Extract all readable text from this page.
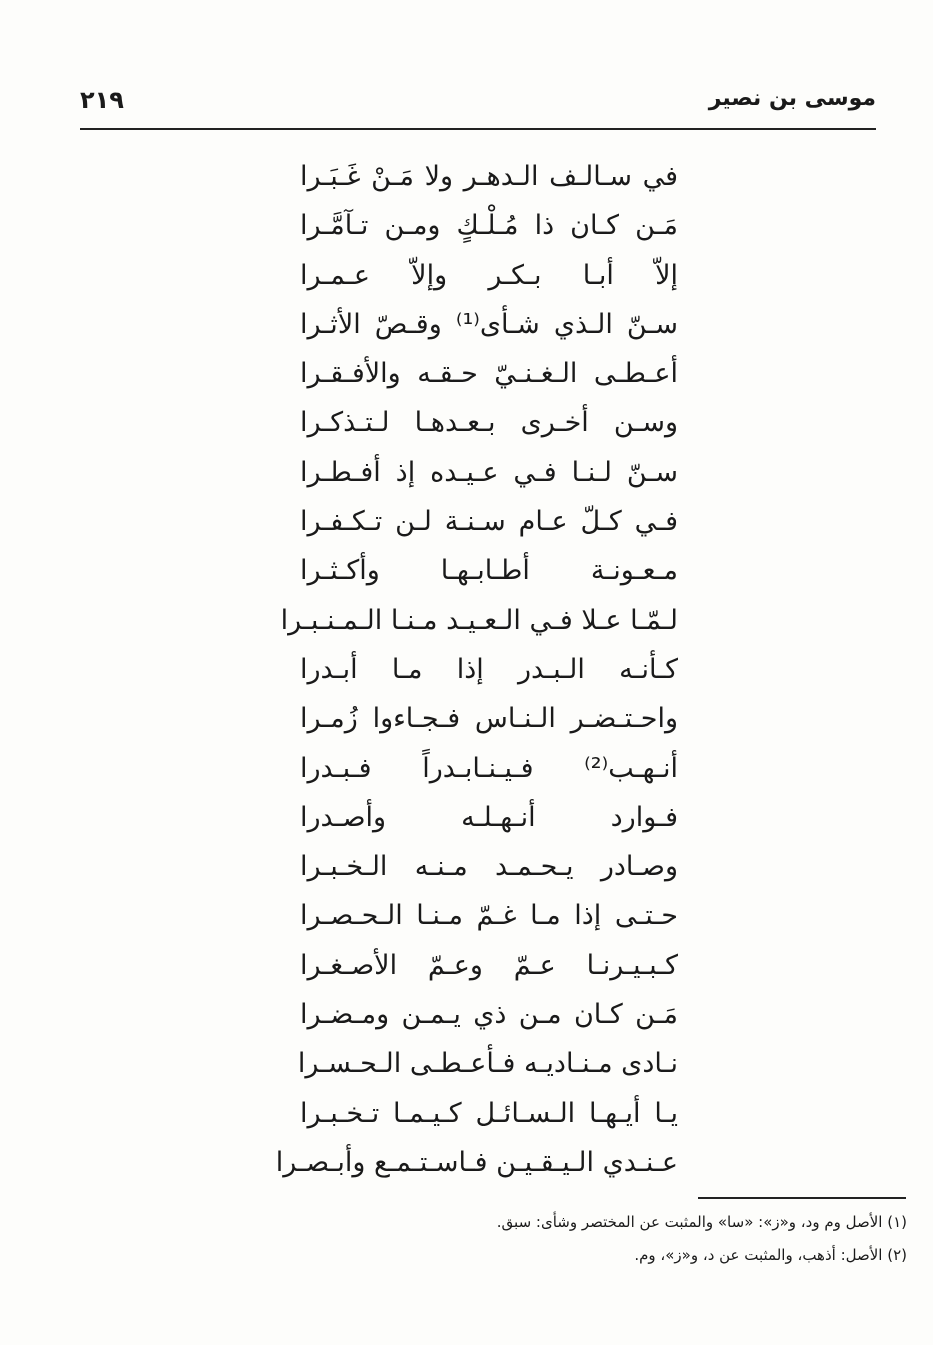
٢١٩	موسى بن نصير
في سـالـف الـدهـر ولا مَـنْ غَـبَـرا
مَـن كـان ذا مُـلْـكٍ ومـن تـآمَّـرا
إلاّ أبـا بـكـر وإلاّ عـمـرا
سـنّ الـذي شـأى⁽¹⁾ وقـصّ الأثـرا
أعـطـى الـغـنـيّ حـقـه والأفـقـرا
وسـن أخـرى بـعـدهـا لـتـذكـرا
سـنّ لـنـا فـي عـيـده إذ أفـطـرا
فـي كـلّ عـام سـنـة لـن تـكـفـرا
مـعـونـة أطـابـهـا وأكـثـرا
لـمّـا عـلا فـي الـعـيـد مـنـا الـمـنـبـرا
كـأنـه الـبـدر إذا مـا أبـدرا
واحـتـضـر الـنـاس فـجـاءوا زُمـرا
أنـهـب⁽²⁾ فـيـنـابـدراً فـبـدرا
فـوارد أنـهـلـه وأصـدرا
وصـادر يـحـمـد مـنـه الـخـبـرا
حـتـى إذا مـا غـمّ مـنـا الـحـصـرا
كـبـيـرنـا عـمّ وعـمّ الأصـغـرا
مَـن كـان مـن ذي يـمـن ومـضـرا
نـادى مـنـاديـه فـأعـطـى الـحـسـرا
يـا أيـهـا الـسـائـل كـيـمـا تـخـبـرا
عـنـدي الـيـقـيـن فـاسـتـمـع وأبـصـرا
(١) الأصل وم ود، و«ز»: «سا» والمثبت عن المختصر وشأى: سبق.
(٢) الأصل: أذهب، والمثبت عن د، و«ز»، وم.
